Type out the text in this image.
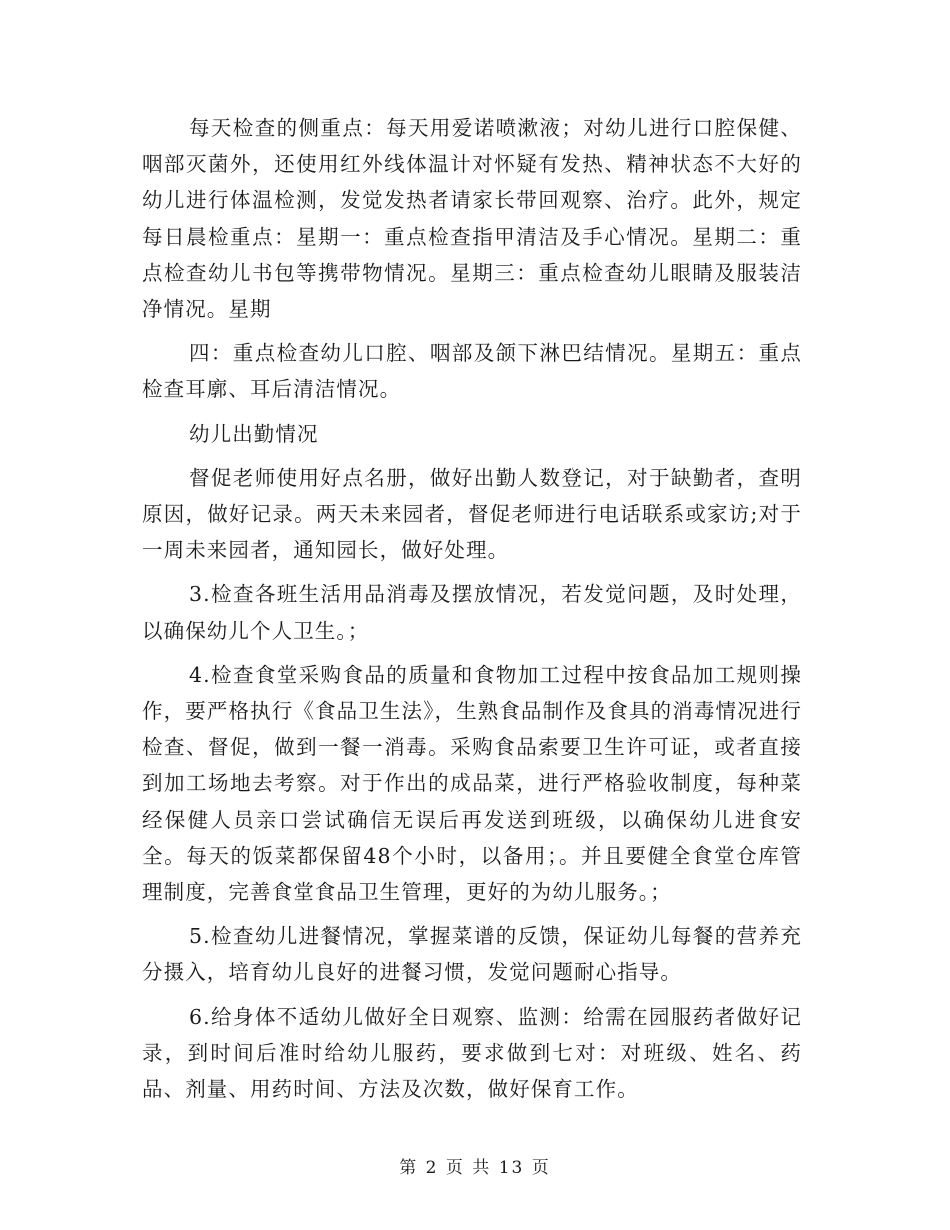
每天检查的侧重点：每天用爱诺喷漱液；对幼儿进行口腔保健、咽部灭菌外，还使用红外线体温计对怀疑有发热、精神状态不大好的幼儿进行体温检测，发觉发热者请家长带回观察、治疗。此外，规定每日晨检重点：星期一：重点检查指甲清洁及手心情况。星期二：重点检查幼儿书包等携带物情况。星期三：重点检查幼儿眼睛及服装洁净情况。星期

四：重点检查幼儿口腔、咽部及颌下淋巴结情况。星期五：重点检查耳廓、耳后清洁情况。

幼儿出勤情况

督促老师使用好点名册，做好出勤人数登记，对于缺勤者，查明原因，做好记录。两天未来园者，督促老师进行电话联系或家访;对于一周未来园者，通知园长，做好处理。

3.检查各班生活用品消毒及摆放情况，若发觉问题，及时处理，以确保幼儿个人卫生。；

4.检查食堂采购食品的质量和食物加工过程中按食品加工规则操作，要严格执行《食品卫生法》，生熟食品制作及食具的消毒情况进行检查、督促，做到一餐一消毒。采购食品索要卫生许可证，或者直接到加工场地去考察。对于作出的成品菜，进行严格验收制度，每种菜经保健人员亲口尝试确信无误后再发送到班级，以确保幼儿进食安全。每天的饭菜都保留48个小时，以备用；。并且要健全食堂仓库管理制度，完善食堂食品卫生管理，更好的为幼儿服务。；

5.检查幼儿进餐情况，掌握菜谱的反馈，保证幼儿每餐的营养充分摄入，培育幼儿良好的进餐习惯，发觉问题耐心指导。

6.给身体不适幼儿做好全日观察、监测：给需在园服药者做好记录，到时间后准时给幼儿服药，要求做到七对：对班级、姓名、药品、剂量、用药时间、方法及次数，做好保育工作。

第 2 页 共 13 页
